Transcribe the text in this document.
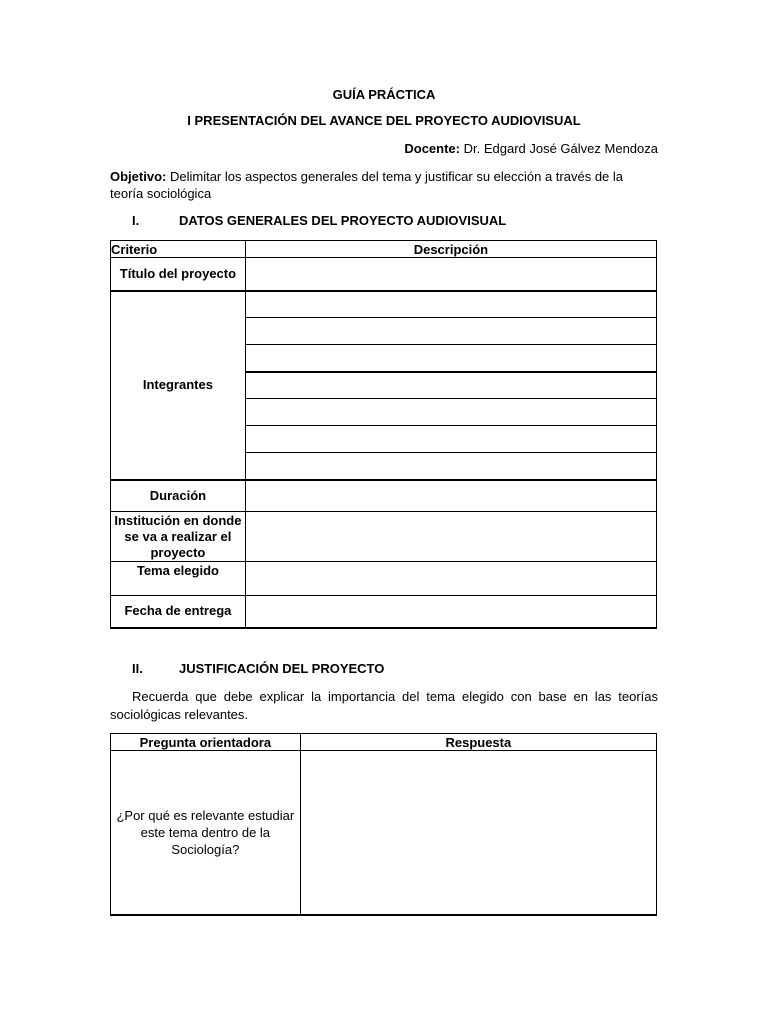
GUÍA PRÁCTICA
I PRESENTACIÓN DEL AVANCE DEL PROYECTO AUDIOVISUAL
Docente: Dr. Edgard José Gálvez Mendoza
Objetivo: Delimitar los aspectos generales del tema y justificar su elección a través de la teoría sociológica
I.	DATOS GENERALES DEL PROYECTO AUDIOVISUAL
Criterio	Descripción
Título del proyecto	
Integrantes	

Duración	
Institución en donde se va a realizar el proyecto	
Tema elegido	
Fecha de entrega	
II.	JUSTIFICACIÓN DEL PROYECTO
Recuerda que debe explicar la importancia del tema elegido con base en las teorías sociológicas relevantes.
Pregunta orientadora	Respuesta
¿Por qué es relevante estudiar este tema dentro de la Sociología?	
